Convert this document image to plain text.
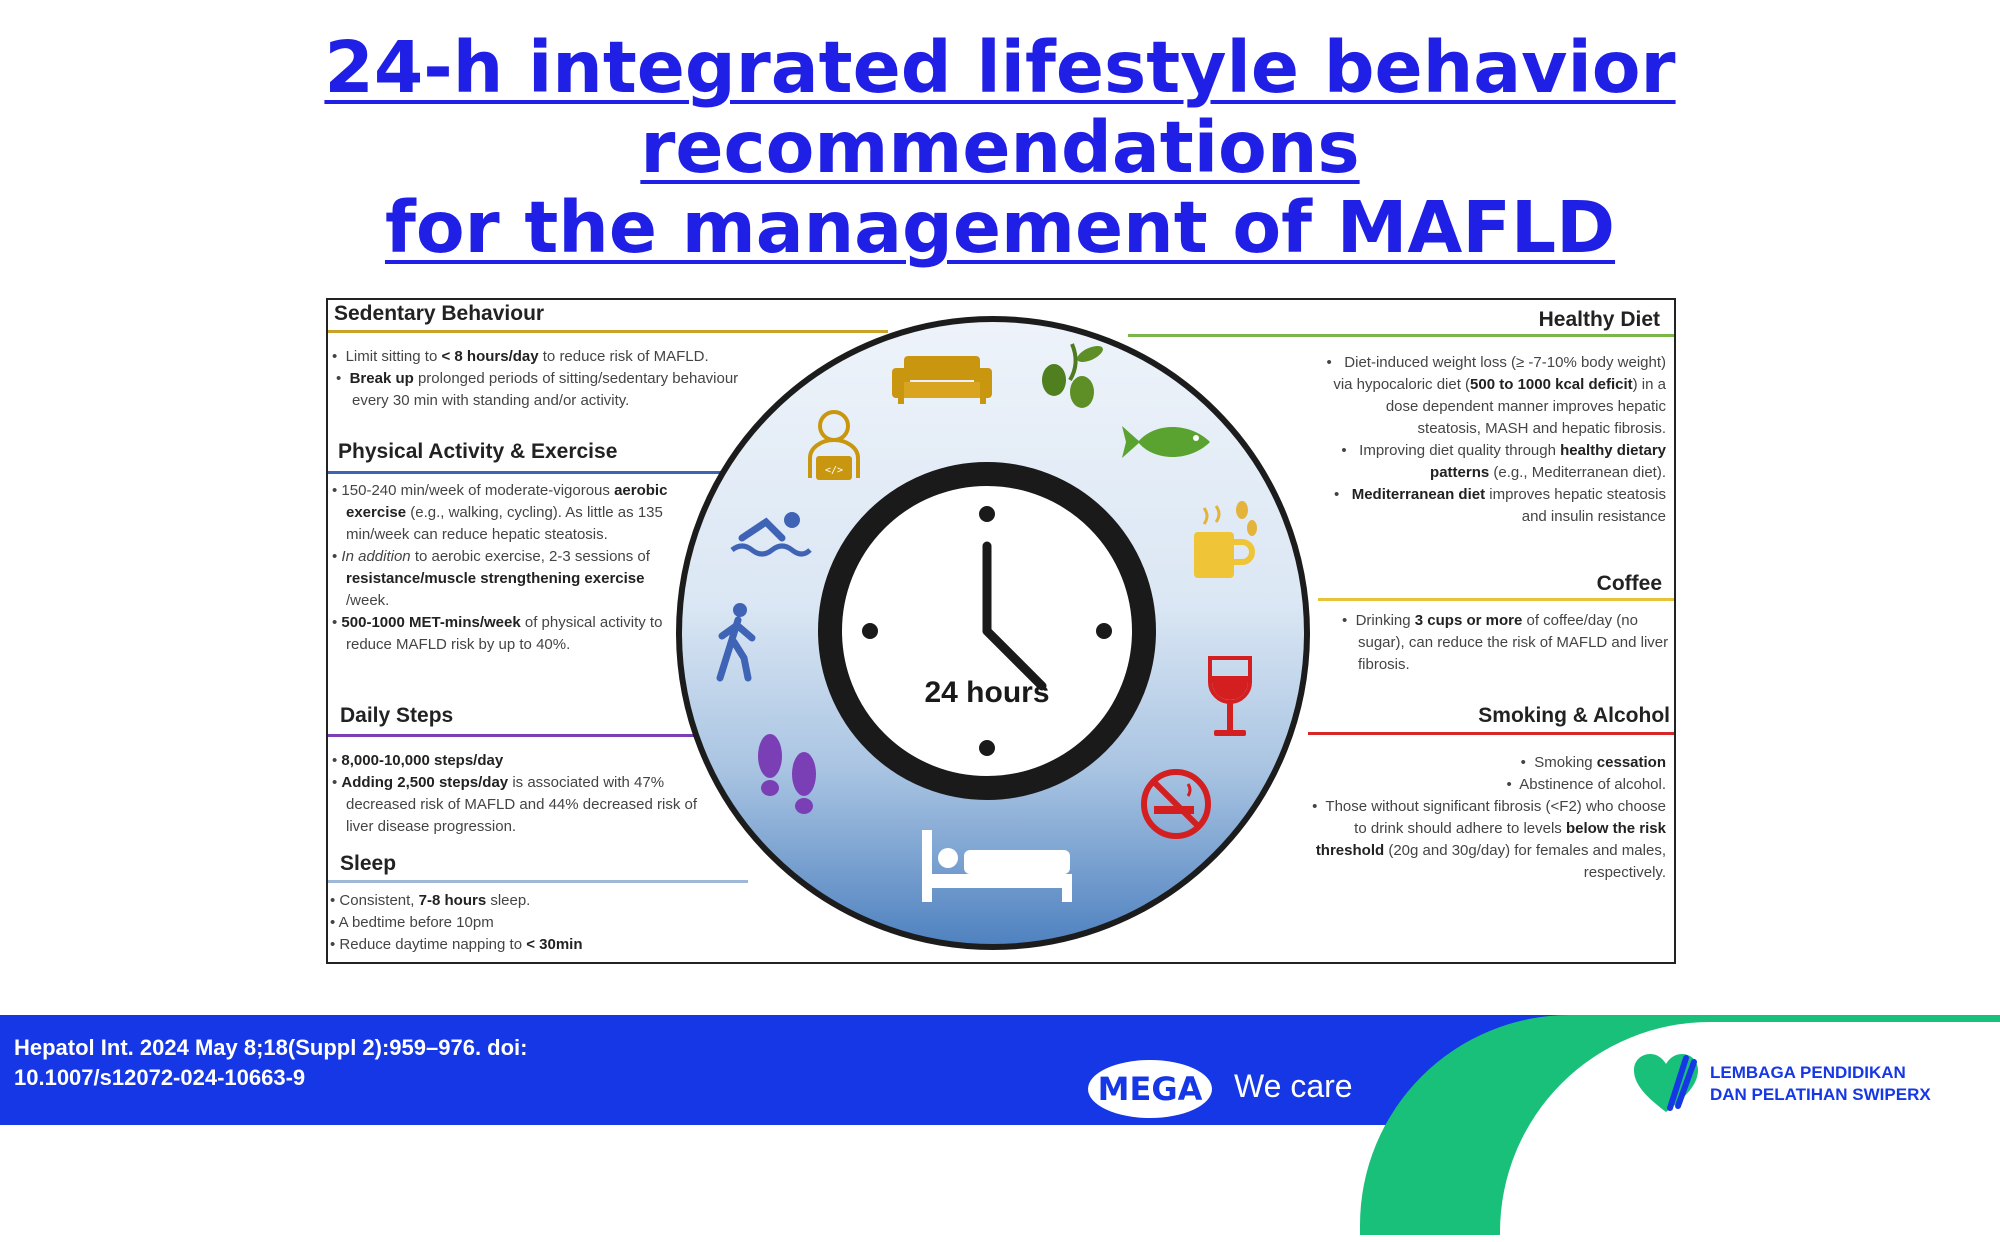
24-h integrated lifestyle behavior recommendations
for the management of MAFLD
24 hours
</>
Sedentary Behaviour
•  Limit sitting to < 8 hours/day to reduce risk of MAFLD.
•  Break up prolonged periods of sitting/sedentary behaviour every 30 min with standing and/or activity.
Physical Activity & Exercise
• 150-240 min/week of moderate-vigorous aerobic exercise (e.g., walking, cycling). As little as 135 min/week can reduce hepatic steatosis.
• In addition to aerobic exercise, 2-3 sessions of resistance/muscle strengthening exercise /week.
• 500-1000 MET-mins/week of physical activity to reduce MAFLD risk by up to 40%.
Daily Steps
• 8,000-10,000 steps/day
• Adding 2,500 steps/day is associated with 47% decreased risk of MAFLD and 44% decreased risk of liver disease progression.
Sleep
• Consistent, 7-8 hours sleep.
• A bedtime before 10pm
• Reduce daytime napping to < 30min
Healthy Diet
•   Diet-induced weight loss (≥ -7-10% body weight) via hypocaloric diet (500 to 1000 kcal deficit) in a dose dependent manner improves hepatic steatosis, MASH and hepatic fibrosis.
•   Improving diet quality through healthy dietary patterns (e.g., Mediterranean diet).
•   Mediterranean diet improves hepatic steatosis and insulin resistance
Coffee
•  Drinking 3 cups or more of coffee/day (no sugar), can reduce the risk of MAFLD and liver fibrosis.
Smoking & Alcohol
•  Smoking cessation
•  Abstinence of alcohol.
•  Those without significant fibrosis (<F2) who choose to drink should adhere to levels below the risk threshold (20g and 30g/day) for females and males, respectively.
Hepatol Int. 2024 May 8;18(Suppl 2):959–976. doi:
10.1007/s12072-024-10663-9	MEGA We care	LEMBAGA PENDIDIKAN
DAN PELATIHAN SWIPERX
